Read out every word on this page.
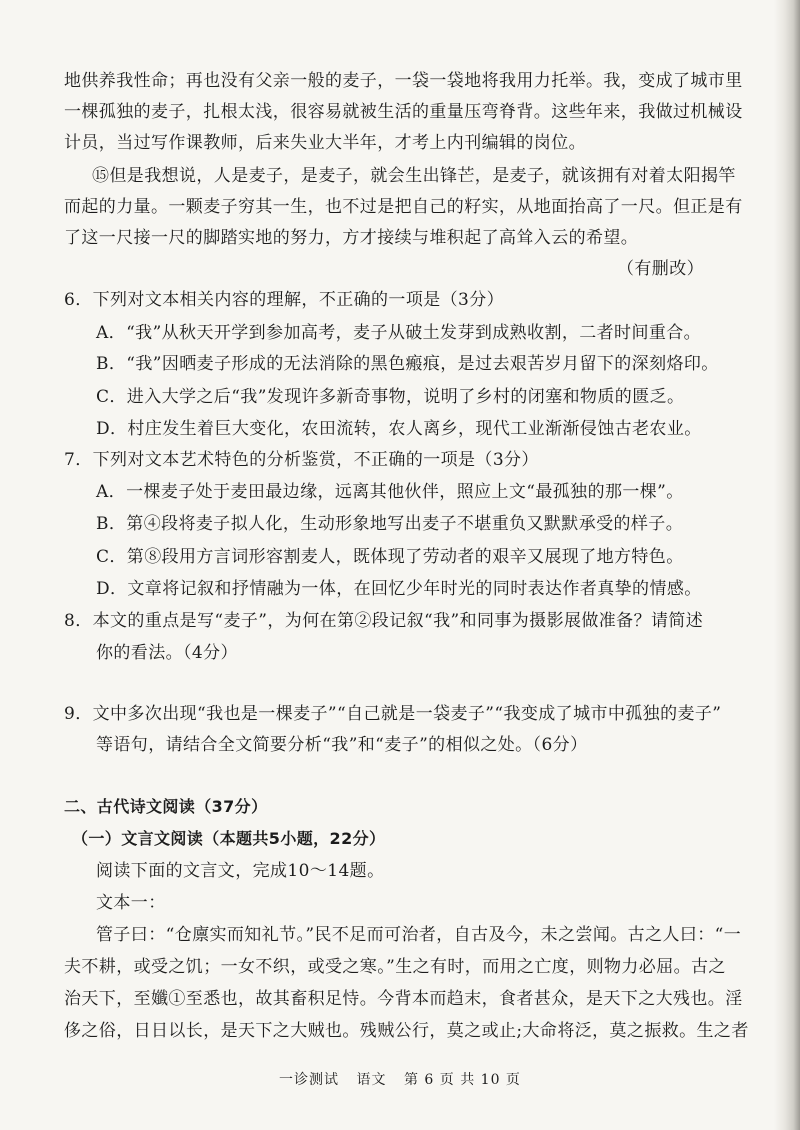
地供养我性命；再也没有父亲一般的麦子，一袋一袋地将我用力托举。我，变成了城市里
一棵孤独的麦子，扎根太浅，很容易就被生活的重量压弯脊背。这些年来，我做过机械设
计员，当过写作课教师，后来失业大半年，才考上内刊编辑的岗位。
⑮但是我想说，人是麦子，是麦子，就会生出锋芒，是麦子，就该拥有对着太阳揭竿
而起的力量。一颗麦子穷其一生，也不过是把自己的籽实，从地面抬高了一尺。但正是有
了这一尺接一尺的脚踏实地的努力，方才接续与堆积起了高耸入云的希望。
（有删改）
6．下列对文本相关内容的理解，不正确的一项是（3分）
A．“我”从秋天开学到参加高考，麦子从破土发芽到成熟收割，二者时间重合。
B．“我”因晒麦子形成的无法消除的黑色瘢痕，是过去艰苦岁月留下的深刻烙印。
C．进入大学之后“我”发现许多新奇事物，说明了乡村的闭塞和物质的匮乏。
D．村庄发生着巨大变化，农田流转，农人离乡，现代工业渐渐侵蚀古老农业。
7．下列对文本艺术特色的分析鉴赏，不正确的一项是（3分）
A．一棵麦子处于麦田最边缘，远离其他伙伴，照应上文“最孤独的那一棵”。
B．第④段将麦子拟人化，生动形象地写出麦子不堪重负又默默承受的样子。
C．第⑧段用方言词形容割麦人，既体现了劳动者的艰辛又展现了地方特色。
D．文章将记叙和抒情融为一体，在回忆少年时光的同时表达作者真挚的情感。
8．本文的重点是写“麦子”，为何在第②段记叙“我”和同事为摄影展做准备？请简述
你的看法。（4分）
9．文中多次出现“我也是一棵麦子”“自己就是一袋麦子”“我变成了城市中孤独的麦子”
等语句，请结合全文简要分析“我”和“麦子”的相似之处。（6分）
二、古代诗文阅读（37分）
（一）文言文阅读（本题共5小题，22分）
阅读下面的文言文，完成10～14题。
文本一：
管子曰：“仓廪实而知礼节。”民不足而可治者，自古及今，未之尝闻。古之人曰：“一
夫不耕，或受之饥；一女不织，或受之寒。”生之有时，而用之亡度，则物力必屈。古之
治天下，至孅①至悉也，故其畜积足恃。今背本而趋末，食者甚众，是天下之大残也。淫
侈之俗，日日以长，是天下之大贼也。残贼公行，莫之或止;大命将泛，莫之振救。生之者
一诊测试 语文 第 6 页 共 10 页
